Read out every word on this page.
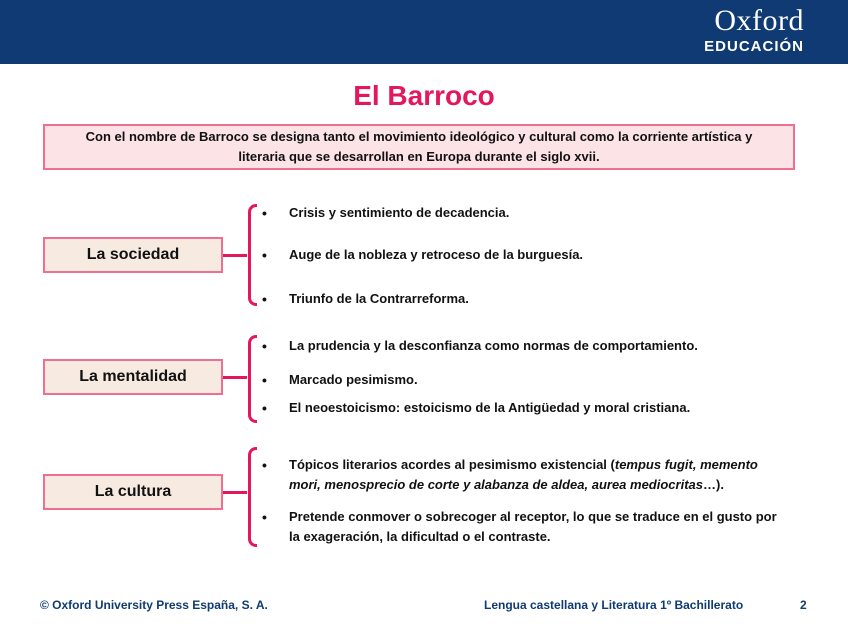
Oxford
EDUCACIÓN
El Barroco
Con el nombre de Barroco se designa tanto el movimiento ideológico y cultural como la corriente artística y literaria que se desarrollan en Europa durante el siglo xvii.
La sociedad
• Crisis y sentimiento de decadencia.
• Auge de la nobleza y retroceso de la burguesía.
• Triunfo de la Contrarreforma.
La mentalidad
• La prudencia y la desconfianza como normas de comportamiento.
• Marcado pesimismo.
• El neoestoicismo: estoicismo de la Antigüedad y moral cristiana.
La cultura
• Tópicos literarios acordes al pesimismo existencial (tempus fugit, memento mori, menosprecio de corte y alabanza de aldea, aurea mediocritas…).
• Pretende conmover o sobrecoger al receptor, lo que se traduce en el gusto por la exageración, la dificultad o el contraste.
© Oxford University Press España, S. A.	Lengua castellana y Literatura 1º Bachillerato	2
